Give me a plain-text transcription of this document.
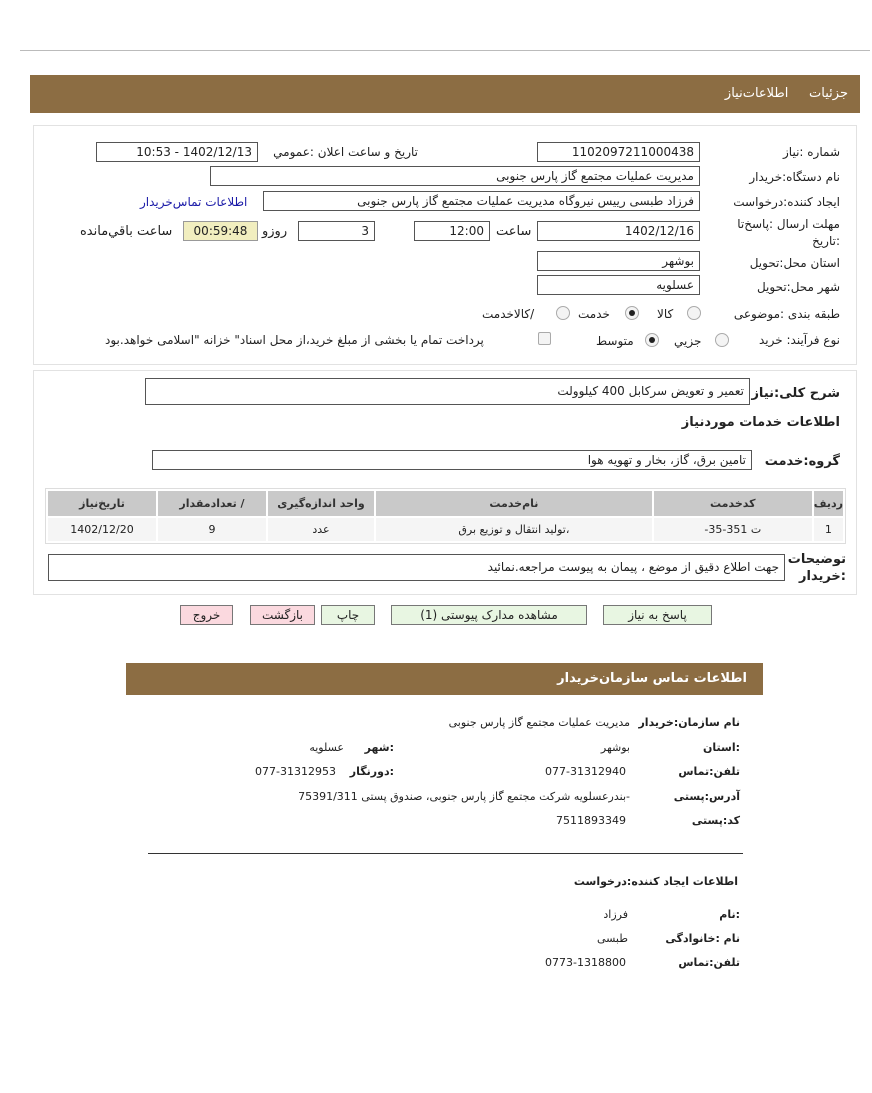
جزئیات     اطلاعات‌نیاز
شماره :نیاز
1102097211000438
تاریخ و ساعت اعلان :عمومي
1402/12/13 - 10:53
نام دستگاه:خریدار
مدیریت عملیات مجتمع گاز پارس جنوبی
ایجاد کننده:درخواست
فرزاد طبسی رییس نیروگاه مدیریت عملیات مجتمع گاز پارس جنوبی
اطلاعات تماس‌خریدار
مهلت ارسال :پاسخ‌تا
:تاریخ
1402/12/16
ساعت
12:00
3
روزو
00:59:48
ساعت باقي‌مانده
استان محل:تحویل
بوشهر
شهر محل:تحویل
عسلویه
طبقه بندی :موضوعی
کالا
خدمت
/کالاخدمت
نوع فرآیند: خرید
جزیي
متوسط
پرداخت تمام یا بخشی از مبلغ خرید،از محل اسناد" خزانه "اسلامی خواهد.بود
شرح کلی:نیاز
تعمیر و تعویض سرکابل 400 کیلوولت
اطلاعات خدمات موردنیاز
گروه:خدمت
تامین برق، گاز، بخار و تهویه هوا
ردیف	کدخدمت	نام‌خدمت	واحد اندازه‌گیری	/ تعدادمقدار	تاریخ‌نیاز
1	ت 351-35-	،تولید انتقال و توزیع برق	عدد	9	1402/12/20
توضیحات
:خریدار
جهت اطلاع دقیق از موضع ، پیمان به پیوست مراجعه.نمائید
پاسخ به نیاز
مشاهده مدارک پیوستی (1)
چاپ
بازگشت
خروج
اطلاعات تماس سازمان‌خریدار
نام سازمان:خریدار
مدیریت عملیات مجتمع گاز پارس جنوبی
:استان
بوشهر
:شهر
عسلویه
تلفن:تماس
077-31312940
:دورنگار
077-31312953
آدرس:پستی
-بندرعسلویه شرکت مجتمع گاز پارس جنوبی، صندوق پستی 75391/311
کد:پستی
7511893349
اطلاعات ایجاد کننده:درخواست
:نام
فرزاد
نام :خانوادگی
طبسی
تلفن:تماس
0773-1318800
